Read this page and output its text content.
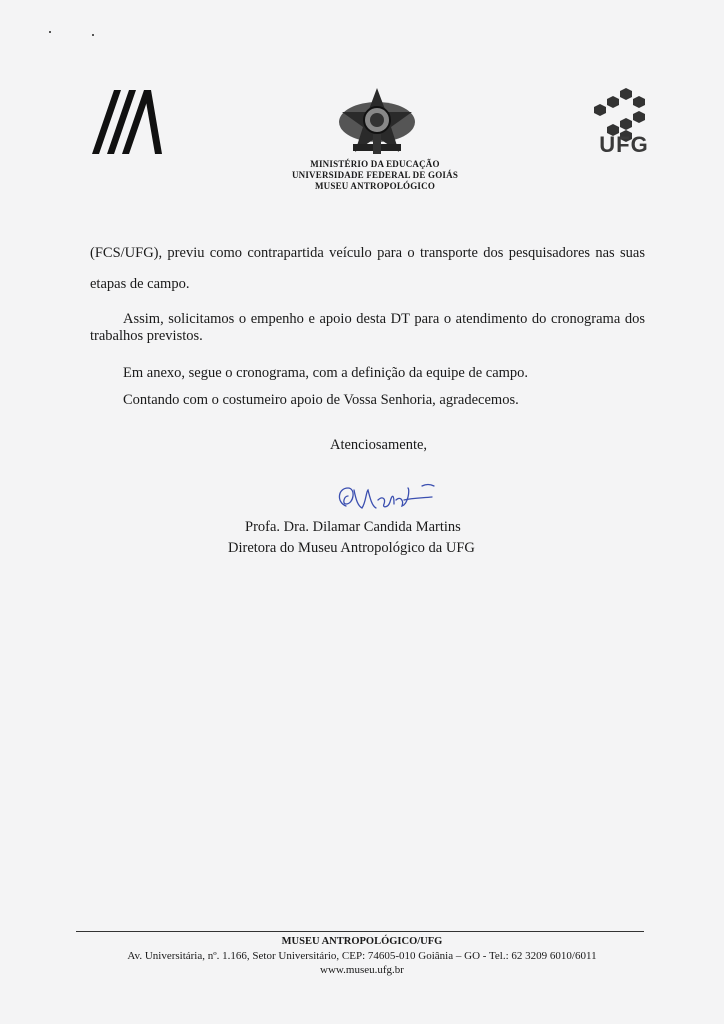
UFG
MINISTÉRIO DA EDUCAÇÃO
UNIVERSIDADE FEDERAL DE GOIÁS
MUSEU ANTROPOLÓGICO
(FCS/UFG), previu como contrapartida veículo para o transporte dos pesquisadores nas suas etapas de campo.
Assim, solicitamos o empenho e apoio desta DT para o atendimento do cronograma dos trabalhos previstos.
Em anexo, segue o cronograma, com a definição da equipe de campo.
Contando com o costumeiro apoio de Vossa Senhoria, agradecemos.
Atenciosamente,
Profa. Dra. Dilamar Candida Martins
Diretora do Museu Antropológico da UFG
MUSEU ANTROPOLÓGICO/UFG
Av. Universitária, nº. 1.166, Setor Universitário, CEP: 74605-010 Goiânia – GO - Tel.: 62 3209 6010/6011
www.museu.ufg.br
